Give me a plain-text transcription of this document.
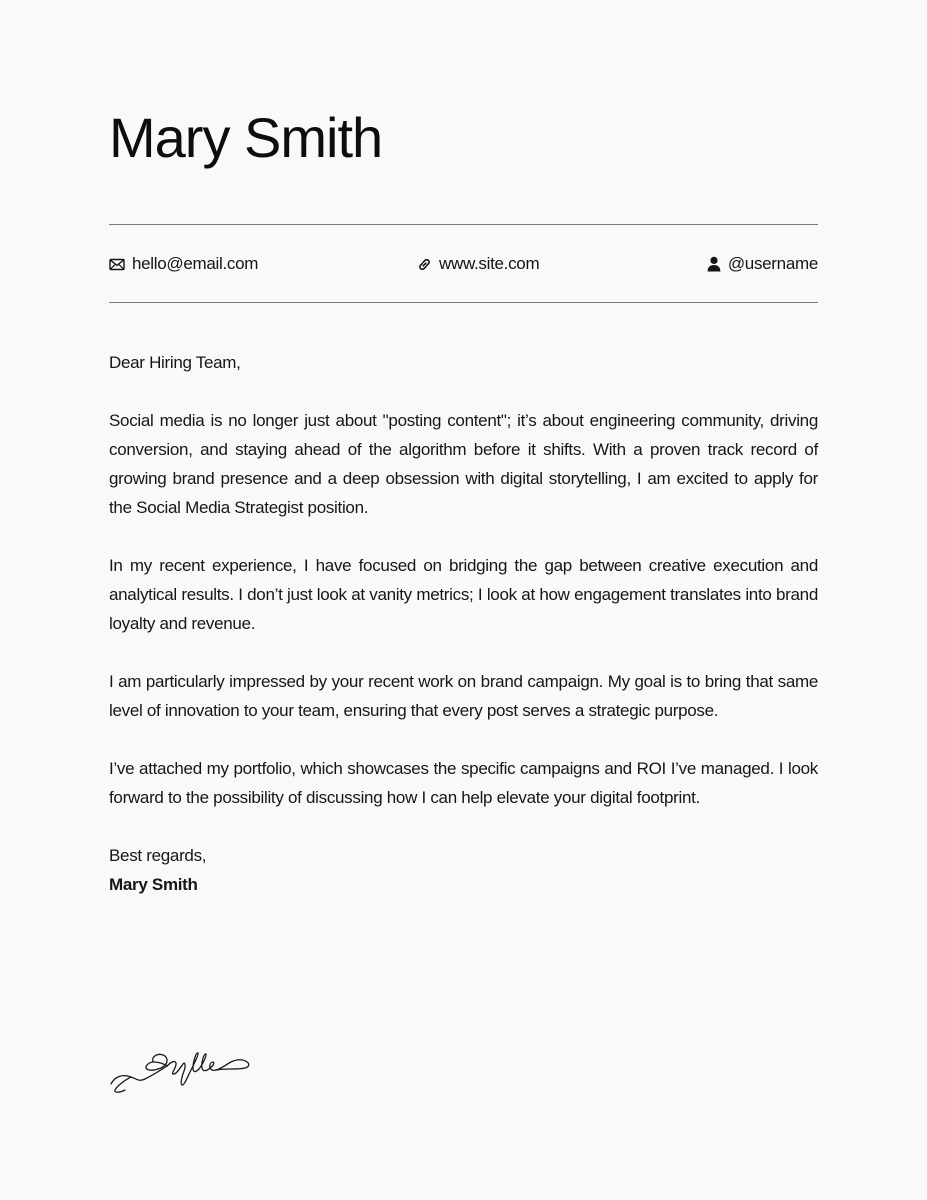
Mary Smith
hello@email.com	www.site.com	@username

Dear Hiring Team,

Social media is no longer just about "posting content"; it’s about engineering community, driving conversion, and staying ahead of the algorithm before it shifts. With a proven track record of growing brand presence and a deep obsession with digital storytelling, I am excited to apply for the Social Media Strategist position.

In my recent experience, I have focused on bridging the gap between creative execution and analytical results. I don’t just look at vanity metrics; I look at how engagement translates into brand loyalty and revenue.

I am particularly impressed by your recent work on brand campaign. My goal is to bring that same level of innovation to your team, ensuring that every post serves a strategic purpose.

I’ve attached my portfolio, which showcases the specific campaigns and ROI I’ve managed. I look forward to the possibility of discussing how I can help elevate your digital footprint.

Best regards,
Mary Smith
